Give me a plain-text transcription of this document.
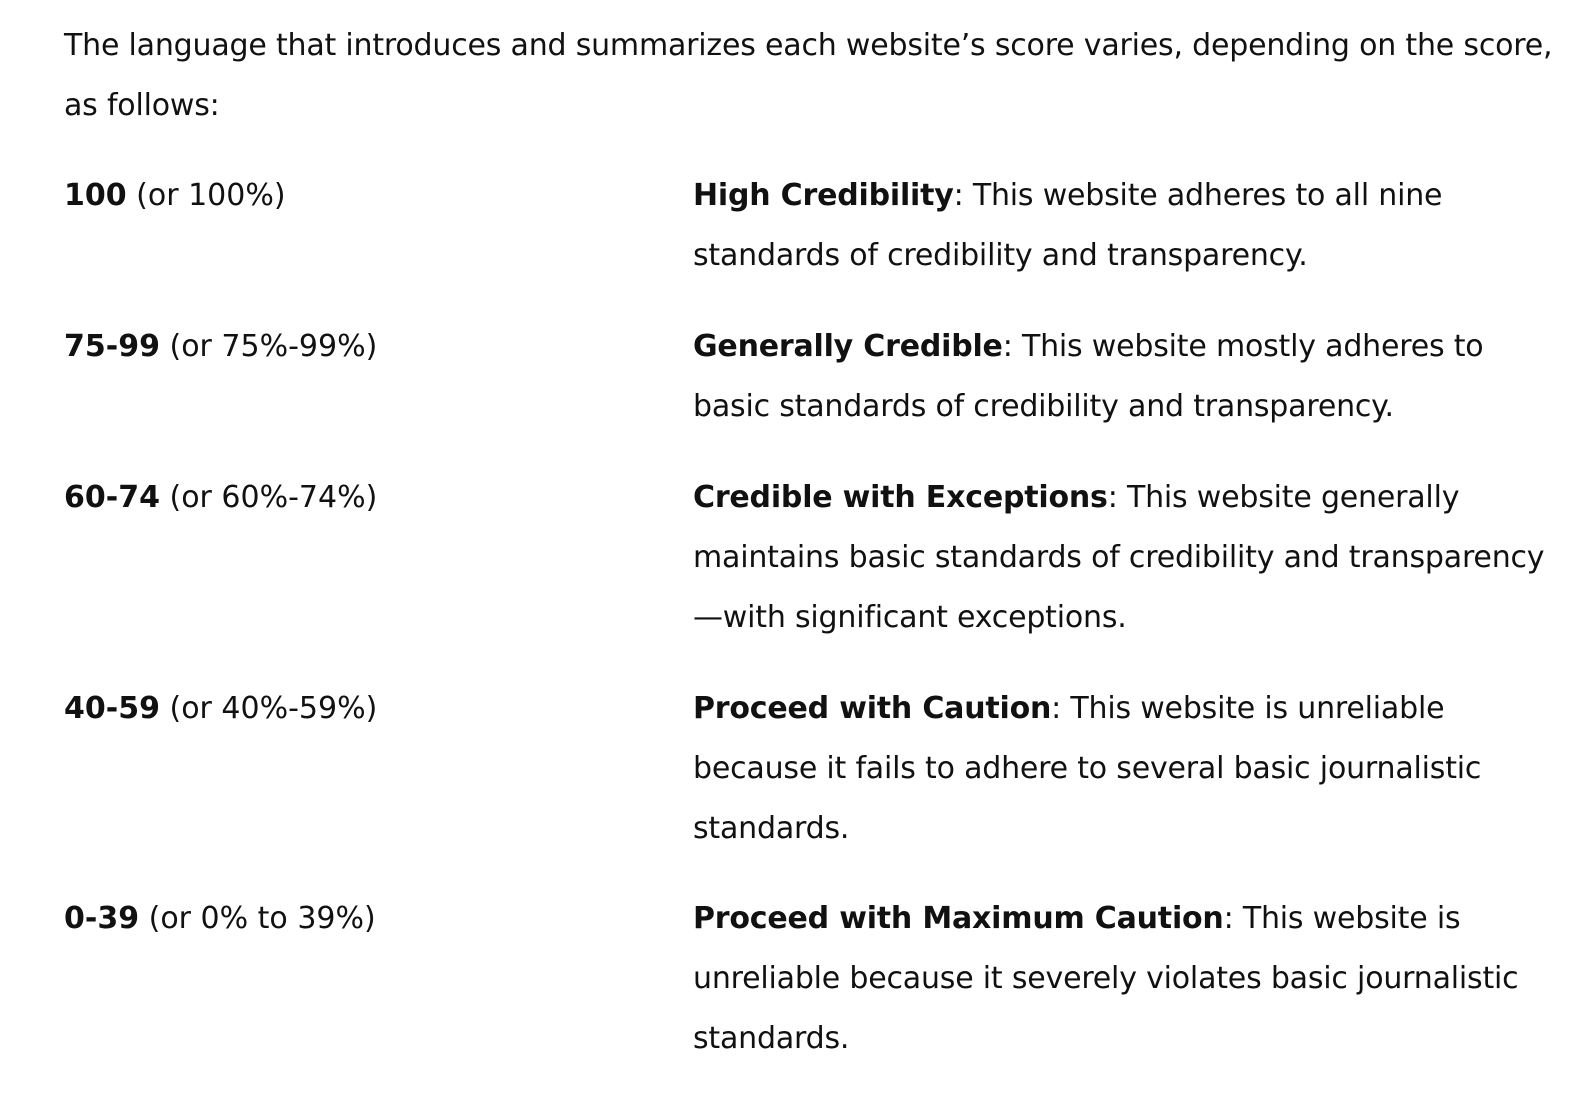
The language that introduces and summarizes each website’s score varies, depending on the score, as follows:

100 (or 100%)	High Credibility: This website adheres to all nine standards of credibility and transparency.

75-99 (or 75%-99%)	Generally Credible: This website mostly adheres to basic standards of credibility and transparency.

60-74 (or 60%-74%)	Credible with Exceptions: This website generally maintains basic standards of credibility and transparency—with significant exceptions.

40-59 (or 40%-59%)	Proceed with Caution: This website is unreliable because it fails to adhere to several basic journalistic standards.

0-39 (or 0% to 39%)	Proceed with Maximum Caution: This website is unreliable because it severely violates basic journalistic standards.
